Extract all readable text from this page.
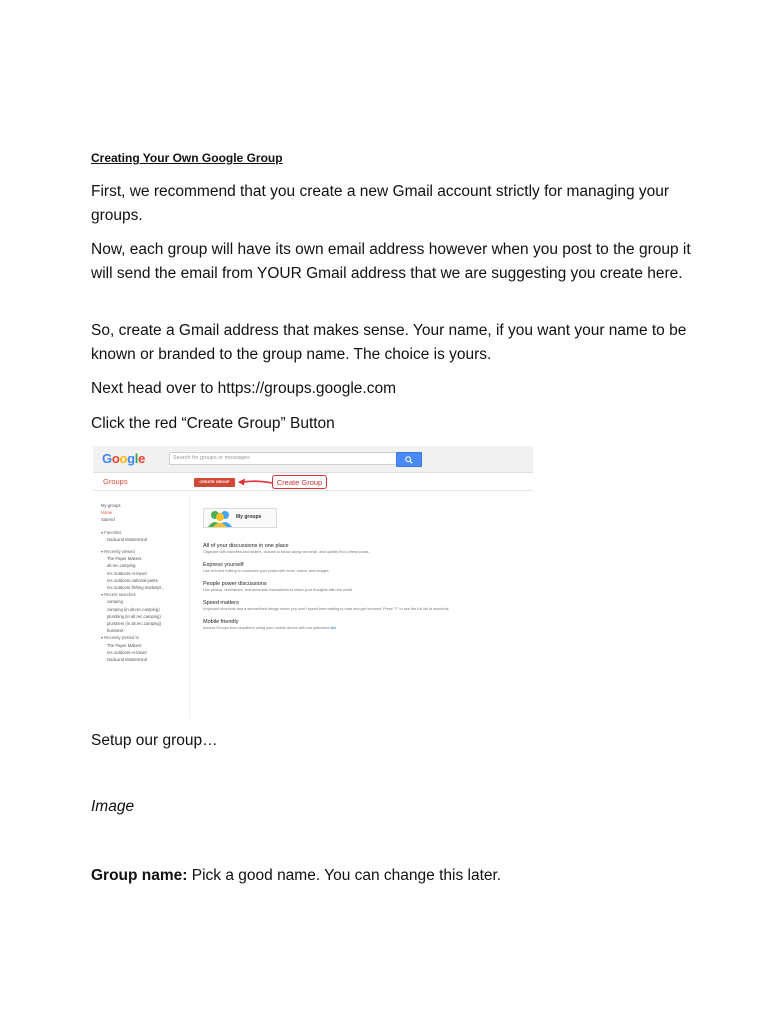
Creating Your Own Google Group
First, we recommend that you create a new Gmail account strictly for managing your groups.
Now, each group will have its own email address however when you post to the group it will send the email from YOUR Gmail address that we are suggesting you create here.
So, create a Gmail address that makes sense. Your name, if you want your name to be known or branded to the group name. The choice is yours.
Next head over to https://groups.google.com
Click the red “Create Group” Button
Google	Search for groups or messages
Groups	CREATE GROUP	Create Group
My groups
Home
Starred
▾ Favorites
NodLand Mastermind
▾ Recently viewed
The Paper Makers
alt.rec.camping
rec.outdoors.rv-travel
rec.outdoors.national-parks
rec.outdoors.fishing.marketpl...
▾ Recent searches
camping
camping (in alt.rec.camping)
plumbing (in alt.rec.camping)
plumbers (in alt.rec.camping)
business
▾ Recently posted to
The Paper Makers
rec.outdoors.rv-travel
NodLand Mastermind
My groups
All of your discussions in one place
Organize with favorites and folders, choose to follow along via email, and quickly find unread posts.
Express yourself
Use rich-text editing to customize your posts with fonts, colors, and images.
People power discussions
Use photos, nicknames, and automatic translations to share your thoughts with the world.
Speed matters
Keyboard shortcuts and a streamlined design mean you won't spend time waiting to read and get involved. Press "?" to see the full list of shortcuts.
Mobile friendly
Access Groups from anywhere using your mobile device with our optimized site
Setup our group…
Image
Group name: Pick a good name. You can change this later.
